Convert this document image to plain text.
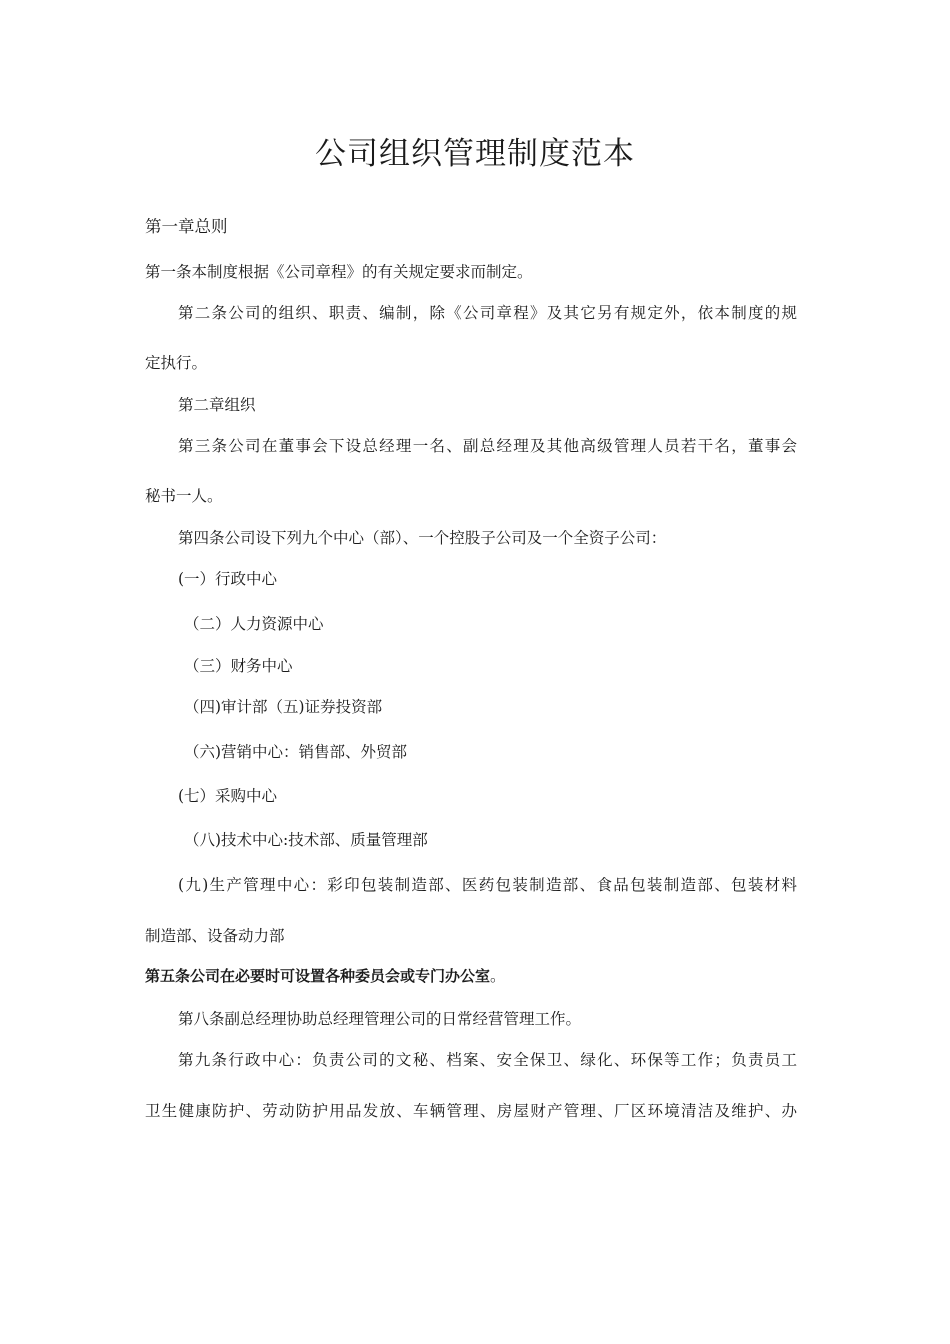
公司组织管理制度范本
第一章总则
第一条本制度根据《公司章程》的有关规定要求而制定。
第二条公司的组织、职责、编制，除《公司章程》及其它另有规定外，依本制度的规
定执行。
第二章组织
第三条公司在董事会下设总经理一名、副总经理及其他高级管理人员若干名，董事会
秘书一人。
第四条公司设下列九个中心（部）、一个控股子公司及一个全资子公司：
(一）行政中心
（二）人力资源中心
（三）财务中心
（四)审计部（五)证券投资部
（六)营销中心：销售部、外贸部
(七）采购中心
（八)技术中心:技术部、质量管理部
(九)生产管理中心：彩印包装制造部、医药包装制造部、食品包装制造部、包装材料
制造部、设备动力部
第五条公司在必要时可设置各种委员会或专门办公室。
第八条副总经理协助总经理管理公司的日常经营管理工作。
第九条行政中心：负责公司的文秘、档案、安全保卫、绿化、环保等工作；负责员工
卫生健康防护、劳动防护用品发放、车辆管理、房屋财产管理、厂区环境清洁及维护、办
